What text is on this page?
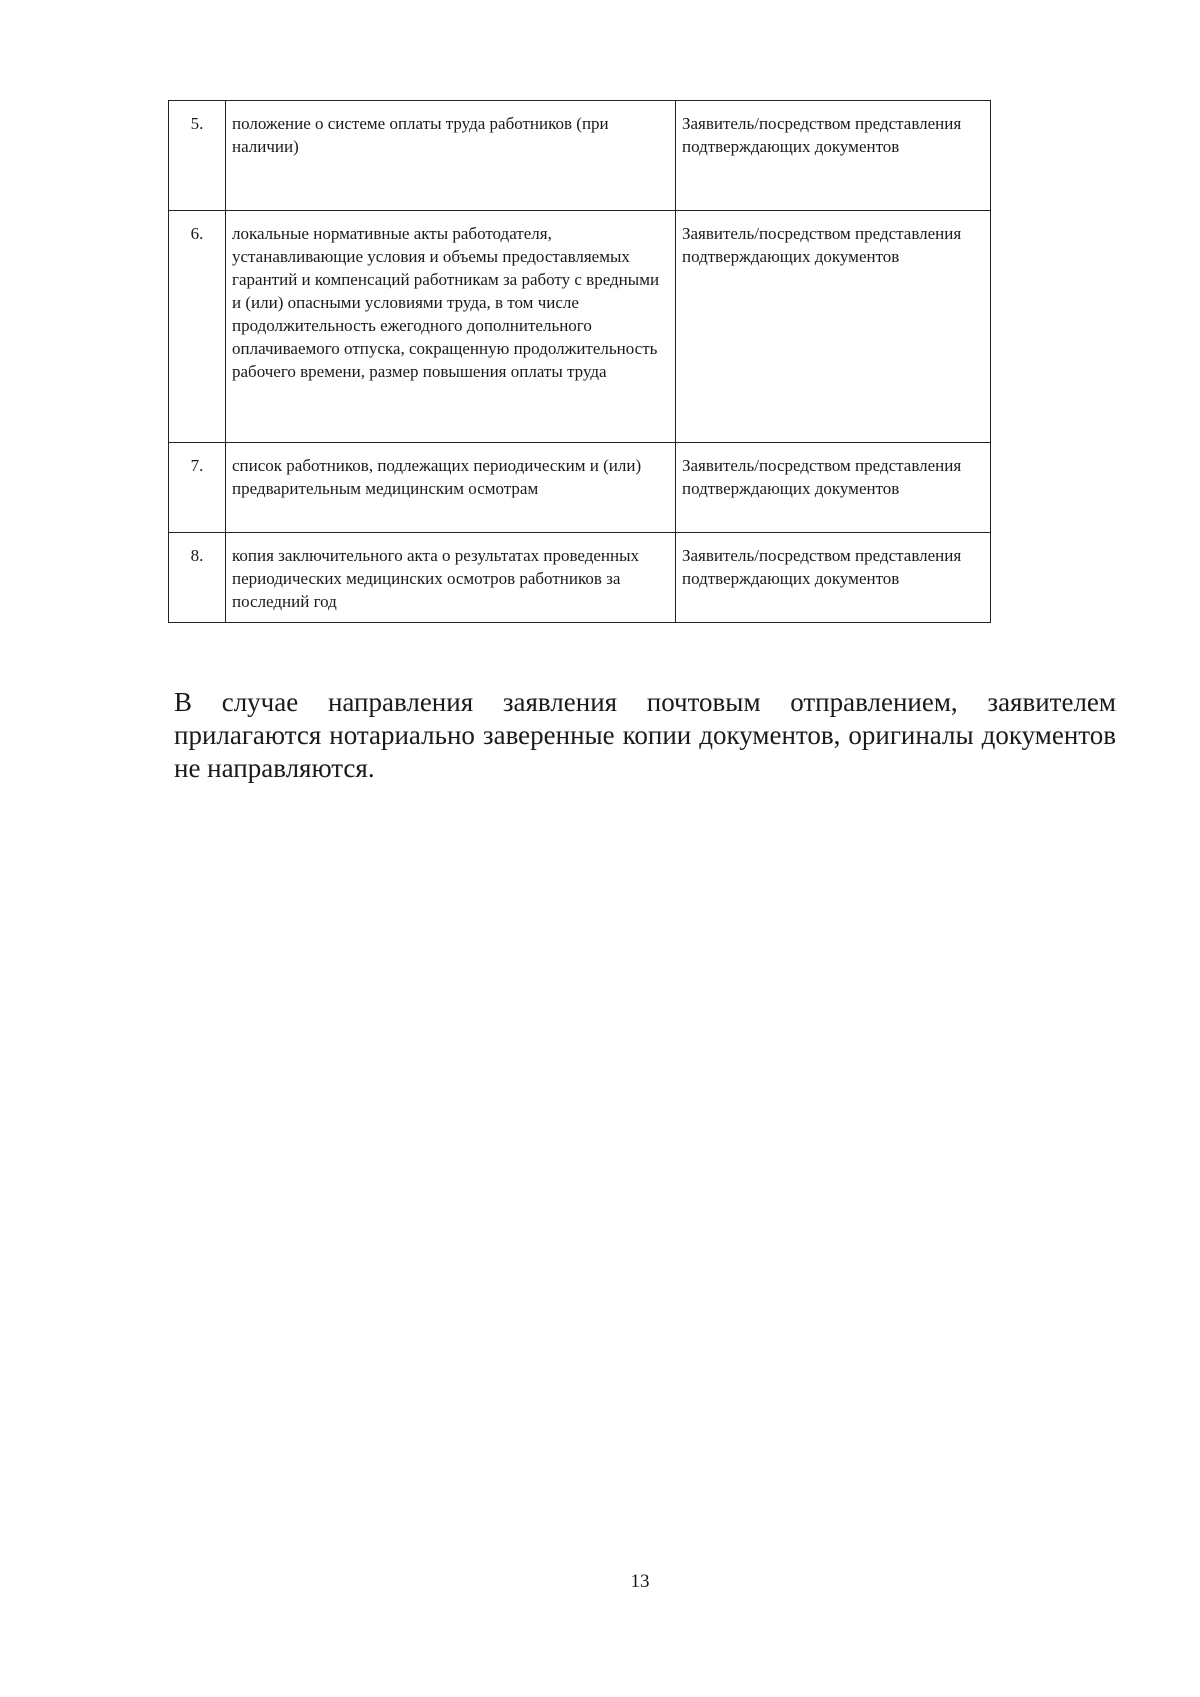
5.	положение о системе оплаты труда работников (при наличии)	Заявитель/посредством представления подтверждающих документов
6.	локальные нормативные акты работодателя, устанавливающие условия и объемы предоставляемых гарантий и компенсаций работникам за работу с вредными и (или) опасными условиями труда, в том числе продолжительность ежегодного дополнительного оплачиваемого отпуска, сокращенную продолжительность рабочего времени, размер повышения оплаты труда	Заявитель/посредством представления подтверждающих документов
7.	список работников, подлежащих периодическим и (или) предварительным медицинским осмотрам	Заявитель/посредством представления подтверждающих документов
8.	копия заключительного акта о результатах проведенных периодических медицинских осмотров работников за последний год	Заявитель/посредством представления подтверждающих документов

В случае направления заявления почтовым отправлением, заявителем прилагаются нотариально заверенные копии документов, оригиналы документов не направляются.

13
